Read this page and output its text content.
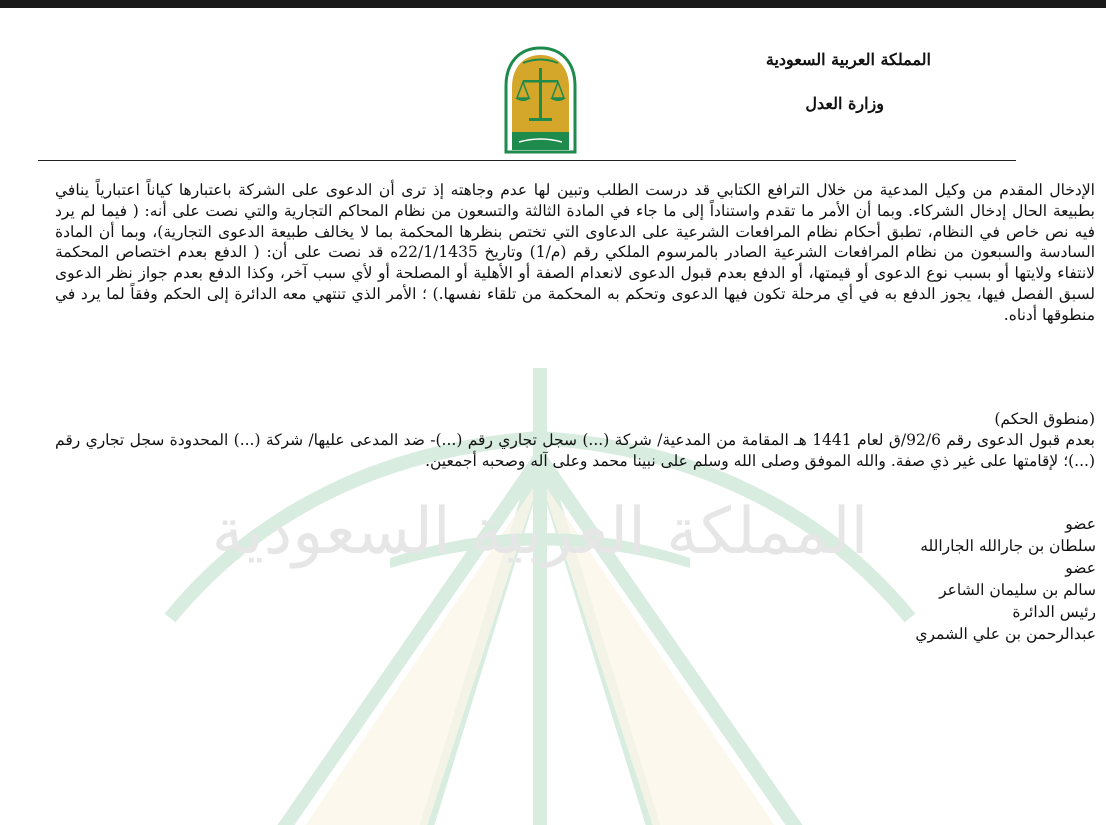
المملكة العربية السعودية
المملكة العربية السعودية
وزارة العدل
الإدخال المقدم من وكيل المدعية من خلال الترافع الكتابي قد درست الطلب وتبين لها عدم وجاهته إذ ترى أن الدعوى على الشركة باعتبارها كياناً اعتبارياً ينافي بطبيعة الحال إدخال الشركاء. وبما أن الأمر ما تقدم واستناداً إلى ما جاء في المادة الثالثة والتسعون من نظام المحاكم التجارية والتي نصت على أنه: ( فيما لم يرد فيه نص خاص في النظام، تطبق أحكام نظام المرافعات الشرعية على الدعاوى التي تختص بنظرها المحكمة بما لا يخالف طبيعة الدعوى التجارية)، وبما أن المادة السادسة والسبعون من نظام المرافعات الشرعية الصادر بالمرسوم الملكي رقم (م/1) وتاريخ 22/1/1435ه قد نصت على أن: ( الدفع بعدم اختصاص المحكمة لانتفاء ولايتها أو بسبب نوع الدعوى أو قيمتها، أو الدفع بعدم قبول الدعوى لانعدام الصفة أو الأهلية أو المصلحة أو لأي سبب آخر، وكذا الدفع بعدم جواز نظر الدعوى لسبق الفصل فيها، يجوز الدفع به في أي مرحلة تكون فيها الدعوى وتحكم به المحكمة من تلقاء نفسها.) ؛ الأمر الذي تنتهي معه الدائرة إلى الحكم وفقاً لما يرد في منطوقها أدناه.
(منطوق الحكم)
بعدم قبول الدعوى رقم 92/6/ق لعام 1441 هـ المقامة من المدعية/ شركة (...) سجل تجاري رقم (...)- ضد المدعى عليها/ شركة (...) المحدودة سجل تجاري رقم (...)؛ لإقامتها على غير ذي صفة. والله الموفق وصلى الله وسلم على نبينا محمد وعلى آله وصحبه أجمعين.
عضو
سلطان بن جارالله الجارالله
عضو
سالم بن سليمان الشاعر
رئيس الدائرة
عبدالرحمن بن علي الشمري
